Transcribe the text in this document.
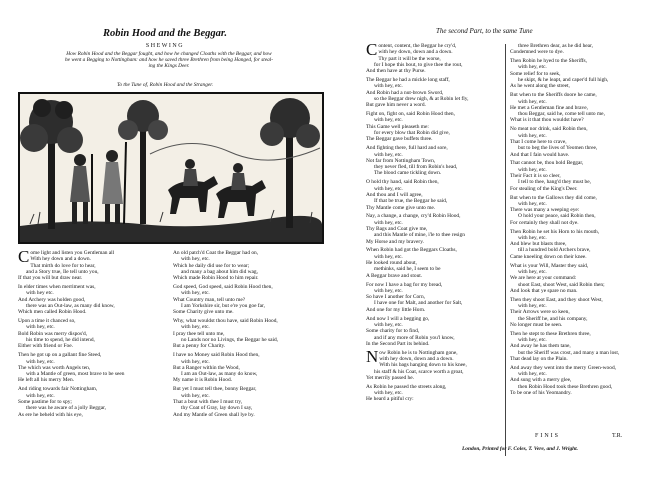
Robin Hood and the Beggar.
SHEWING
How Robin Hood and the Beggar fought, and how he changed Cloaths with the Beggar, and how
he went a Begging to Nottingham: and how he saved three Brethren from being Hanged, for steal-
ing the Kings Deer.
To the Tune of, Robin Hood and the Stranger.
Come light and listen you Gentleman all
With hey down and a down.
That mirth do love for to hear,
and a Story true, Ile tell unto you,
If that you will but draw near.
In elder times when merriment was,
with hey etc.
And Archery was holden good,
there was an Out-law, as many did know,
Which men called Robin Hood.
Upon a time it chanced so,
with hey, etc.
Bold Robin was merry dispos'd,
his time to spend, he did intend,
Either with friend or Foe.
Then he got up on a gallant fine Steed,
with hey, etc.
The which was worth Angels ten,
with a Mantle of green, most brave to be seen
He left all his merry Men.
And riding towards fair Nottingham,
with hey, etc.
Some pastime for to spy;
there was he aware of a jolly Beggar,
As ere he beheld with his eye,
An old patch'd Coat the Beggar had on,
with hey, etc.
Which he daily did use for to wear;
and many a bag about him did wag,
Which made Robin Hood to him repair.
God speed, God speed, said Robin Hood then,
with hey, etc.
What Country man, tell unto me?
I am Yorkshire sir, but e're you goe far,
Some Charity give unto me.
Why, what wouldst thou have, said Robin Hood,
with hey, etc.
I pray thee tell unto me,
no Lands nor no Livings, the Beggar he said,
But a penny for Charity.
I have no Money said Robin Hood then,
with hey, etc.
But a Ranger within the Wood,
I am an Out-law, as many do know,
My name it is Robin Hood.
But yet I must tell thee, bonny Beggar,
with hey, etc.
That a bout with thee I must try,
thy Coat of Gray, lay down I say,
And my Mantle of Green shall lye by.
Content, content, the Beggar he cry'd,
with hey down, down and a down.
Thy part it will be the worse,
for I hope this bout, to give thee the rout,
And then have at thy Purse.
The Beggar he had a mickle long staff,
with hey, etc.
And Robin had a nut-brown Sword,
so the Beggar drew nigh, & at Robin let fly,
But gave him never a word.
Fight on, fight on, said Robin Hood then,
with hey, etc.
This Game well pleaseth me:
for every blow that Robin did give,
The Beggar gave buffets three.
And fighting there, full hard and sore,
with hey, etc.
Not far from Nottingham Town,
they never fled, till from Robin's head,
The blood came tickling down.
O hold thy hand, said Robin then,
with hey, etc.
And thou and I will agree,
If that be true, the Beggar he said,
Thy Mantle come give unto me.
Nay, a change, a change, cry'd Robin Hood,
with hey, etc.
Thy Bags and Coat give me,
and this Mantle of mine, i'le to thee resign
My Horse and my bravery.
When Robin had got the Beggars Cloaths,
with hey, etc.
He looked round about,
methinks, said he, I seem to be
A Beggar brave and stout.
For now I have a bag for my bread,
with hey, etc.
So have I another for Corn,
I have one for Malt, and another for Salt,
And one for my little Horn.
And now I will a begging go,
with hey, etc.
Some charity for to find,
and if any more of Robin you'l know,
In the Second Part its behind.
Now Robin he is to Nottingham gone,
with hey down, down and a down.
With his bags hanging down to his knee,
his staff & his Coat, scarce worth a groat,
Yet merrily passed he.
As Robin he passed the streets along,
with hey, etc.
He heard a pitiful cry:
The second Part, to the same Tune
three Brethren dear, as he did hear,
Condemned were to dye.
Then Robin he hyed to the Sheriffs,
with hey, etc.
Some relief for to seek,
he skipt, & he leapt, and caper'd full high,
As he went along the street,
But when to the Sheriffs doore he came,
with hey, etc.
He met a Gentleman fine and brave,
thou Beggar, said he, come tell unto me,
What is it that thou wouldst have?
No meat nor drink, said Robin then,
with hey, etc.
That I come here to crave,
but to beg the lives of Yeomen three,
And that I fain would have.
That cannot be, thou bold Beggar,
with hey, etc.
Their Fact it is so cleer,
I tell to thee, hang'd they must be,
For stealing of the King's Deer.
But when to the Gallows they did come,
with hey, etc.
There was many a weeping eye:
O hold your peace, said Robin then,
For certainly they shall not dye.
Then Robin he set his Horn to his mouth,
with hey, etc.
And blew but blasts three,
till a hundred bold Archers brave,
Came kneeling down on their knee.
What is your Will, Master they said,
with hey, etc.
We are here at your command:
shoot East, shoot West, said Robin then;
And look that ye spare no man.
Then they shoot East, and they shoot West,
with hey, etc.
Their Arrows were so keen,
the Sheriff he, and his company,
No longer must be seen.
Then he stept to these Brethren three,
with hey, etc.
And away he has them tane,
but the Sheriff was crost, and many a man lost,
That dead lay on the Plain.
And away they went into the merry Green-wood,
with hey, etc.
And sung with a merry glee,
then Robin Hood took these Brethren good,
To be one of his Yeomandry.
FINIS	T.R.
London, Printed for F. Coles, T. Vere, and J. Wright.
